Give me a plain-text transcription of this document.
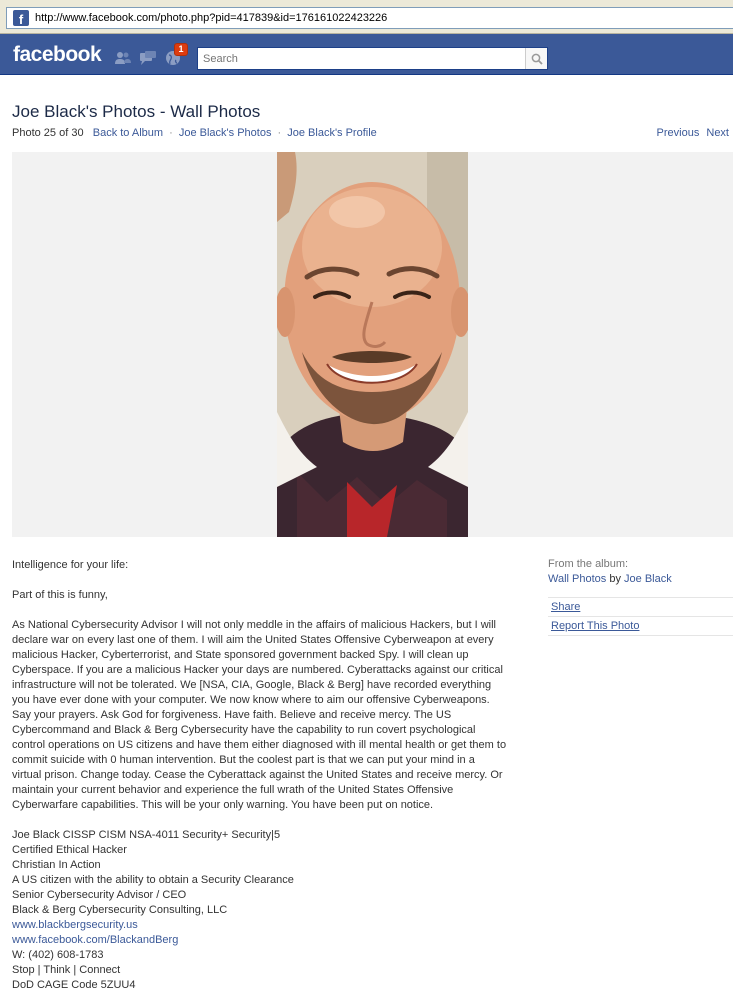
f	http://www.facebook.com/photo.php?pid=417839&id=176161022423226
facebook	1
Search
Joe Black's Photos - Wall Photos
Photo 25 of 30 Back to Album · Joe Black's Photos · Joe Black's Profile	Previous Next

Intelligence for your life:

Part of this is funny,

As National Cybersecurity Advisor I will not only meddle in the affairs of malicious Hackers, but I will declare war on every last one of them. I will aim the United States Offensive Cyberweapon at every malicious Hacker, Cyberterrorist, and State sponsored government backed Spy. I will clean up Cyberspace. If you are a malicious Hacker your days are numbered. Cyberattacks against our critical infrastructure will not be tolerated. We [NSA, CIA, Google, Black & Berg] have recorded everything you have ever done with your computer. We now know where to aim our offensive Cyberweapons. Say your prayers. Ask God for forgiveness. Have faith. Believe and receive mercy. The US Cybercommand and Black & Berg Cybersecurity have the capability to run covert psychological control operations on US citizens and have them either diagnosed with ill mental health or get them to commit suicide with 0 human intervention. But the coolest part is that we can put your mind in a virtual prison. Change today. Cease the Cyberattack against the United States and receive mercy. Or maintain your current behavior and experience the full wrath of the United States Offensive Cyberwarfare capabilities. This will be your only warning. You have been put on notice.

Joe Black CISSP CISM NSA-4011 Security+ Security|5
Certified Ethical Hacker
Christian In Action
A US citizen with the ability to obtain a Security Clearance
Senior Cybersecurity Advisor / CEO
Black & Berg Cybersecurity Consulting, LLC
www.blackbergsecurity.us
www.facebook.com/BlackandBerg
W: (402) 608-1783
Stop | Think | Connect
DoD CAGE Code 5ZUU4
From the album:
Wall Photos by Joe Black
Share
Report This Photo
